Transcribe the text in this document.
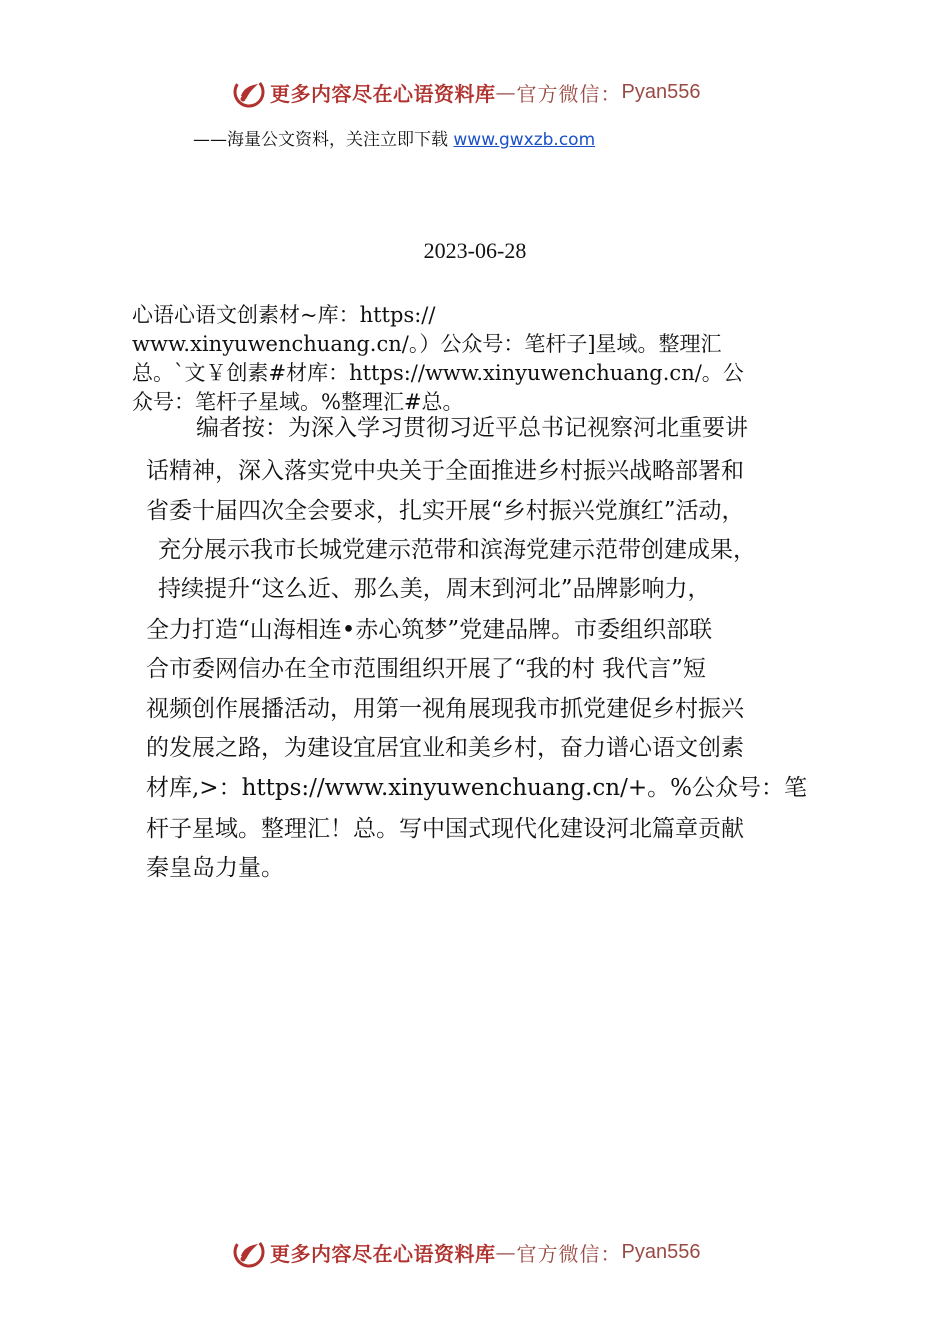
更多内容尽在心语资料库 — 官方微信： Pyan556
——海量公文资料，关注立即下载 www.gwxzb.com
2023-06-28
心语心语文创素材~库：https://
www.xinyuwenchuang.cn/。）公众号：笔杆子]星域。整理汇
总。`文￥创素#材库：https://www.xinyuwenchuang.cn/。公
众号：笔杆子星域。%整理汇#总。
编者按：为深入学习贯彻习近平总书记视察河北重要讲
话精神，深入落实党中央关于全面推进乡村振兴战略部署和
省委十届四次全会要求，扎实开展“乡村振兴党旗红”活动，
充分展示我市长城党建示范带和滨海党建示范带创建成果，
持续提升“这么近、那么美，周末到河北”品牌影响力，
全力打造“山海相连•赤心筑梦”党建品牌。市委组织部联
合市委网信办在全市范围组织开展了“我的村 我代言”短
视频创作展播活动，用第一视角展现我市抓党建促乡村振兴
的发展之路，为建设宜居宜业和美乡村，奋力谱心语文创素
材库,>：https://www.xinyuwenchuang.cn/+。%公众号：笔
杆子星域。整理汇！总。写中国式现代化建设河北篇章贡献
秦皇岛力量。
更多内容尽在心语资料库 — 官方微信： Pyan556
